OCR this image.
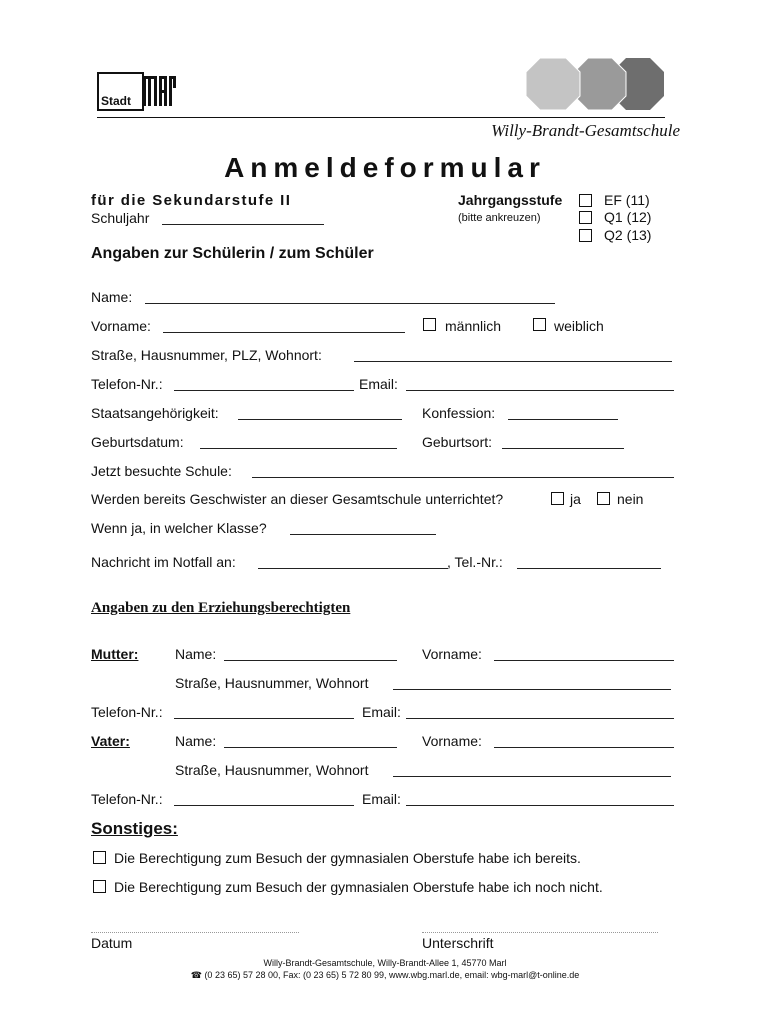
Stadt
Willy-Brandt-Gesamtschule
Anmeldeformular
für die Sekundarstufe II
Schuljahr
Jahrgangsstufe
(bitte ankreuzen)
EF (11)
Q1 (12)
Q2 (13)
Angaben zur Schülerin / zum Schüler
Name:
Vorname:	männlich	weiblich
Straße, Hausnummer, PLZ, Wohnort:
Telefon-Nr.:	Email:
Staatsangehörigkeit:	Konfession:
Geburtsdatum:	Geburtsort:
Jetzt besuchte Schule:
Werden bereits Geschwister an dieser Gesamtschule unterrichtet?	ja	nein
Wenn ja, in welcher Klasse?
Nachricht im Notfall an:	, Tel.-Nr.:
Angaben zu den Erziehungsberechtigten
Mutter:	Name:	Vorname:
Straße, Hausnummer, Wohnort
Telefon-Nr.:	Email:
Vater:	Name:	Vorname:
Straße, Hausnummer, Wohnort
Telefon-Nr.:	Email:
Sonstiges:
Die Berechtigung zum Besuch der gymnasialen Oberstufe habe ich bereits.
Die Berechtigung zum Besuch der gymnasialen Oberstufe habe ich noch nicht.
Datum	Unterschrift
Willy-Brandt-Gesamtschule, Willy-Brandt-Allee 1, 45770 Marl
☎ (0 23 65) 57 28 00, Fax: (0 23 65) 5 72 80 99, www.wbg.marl.de, email: wbg-marl@t-online.de
